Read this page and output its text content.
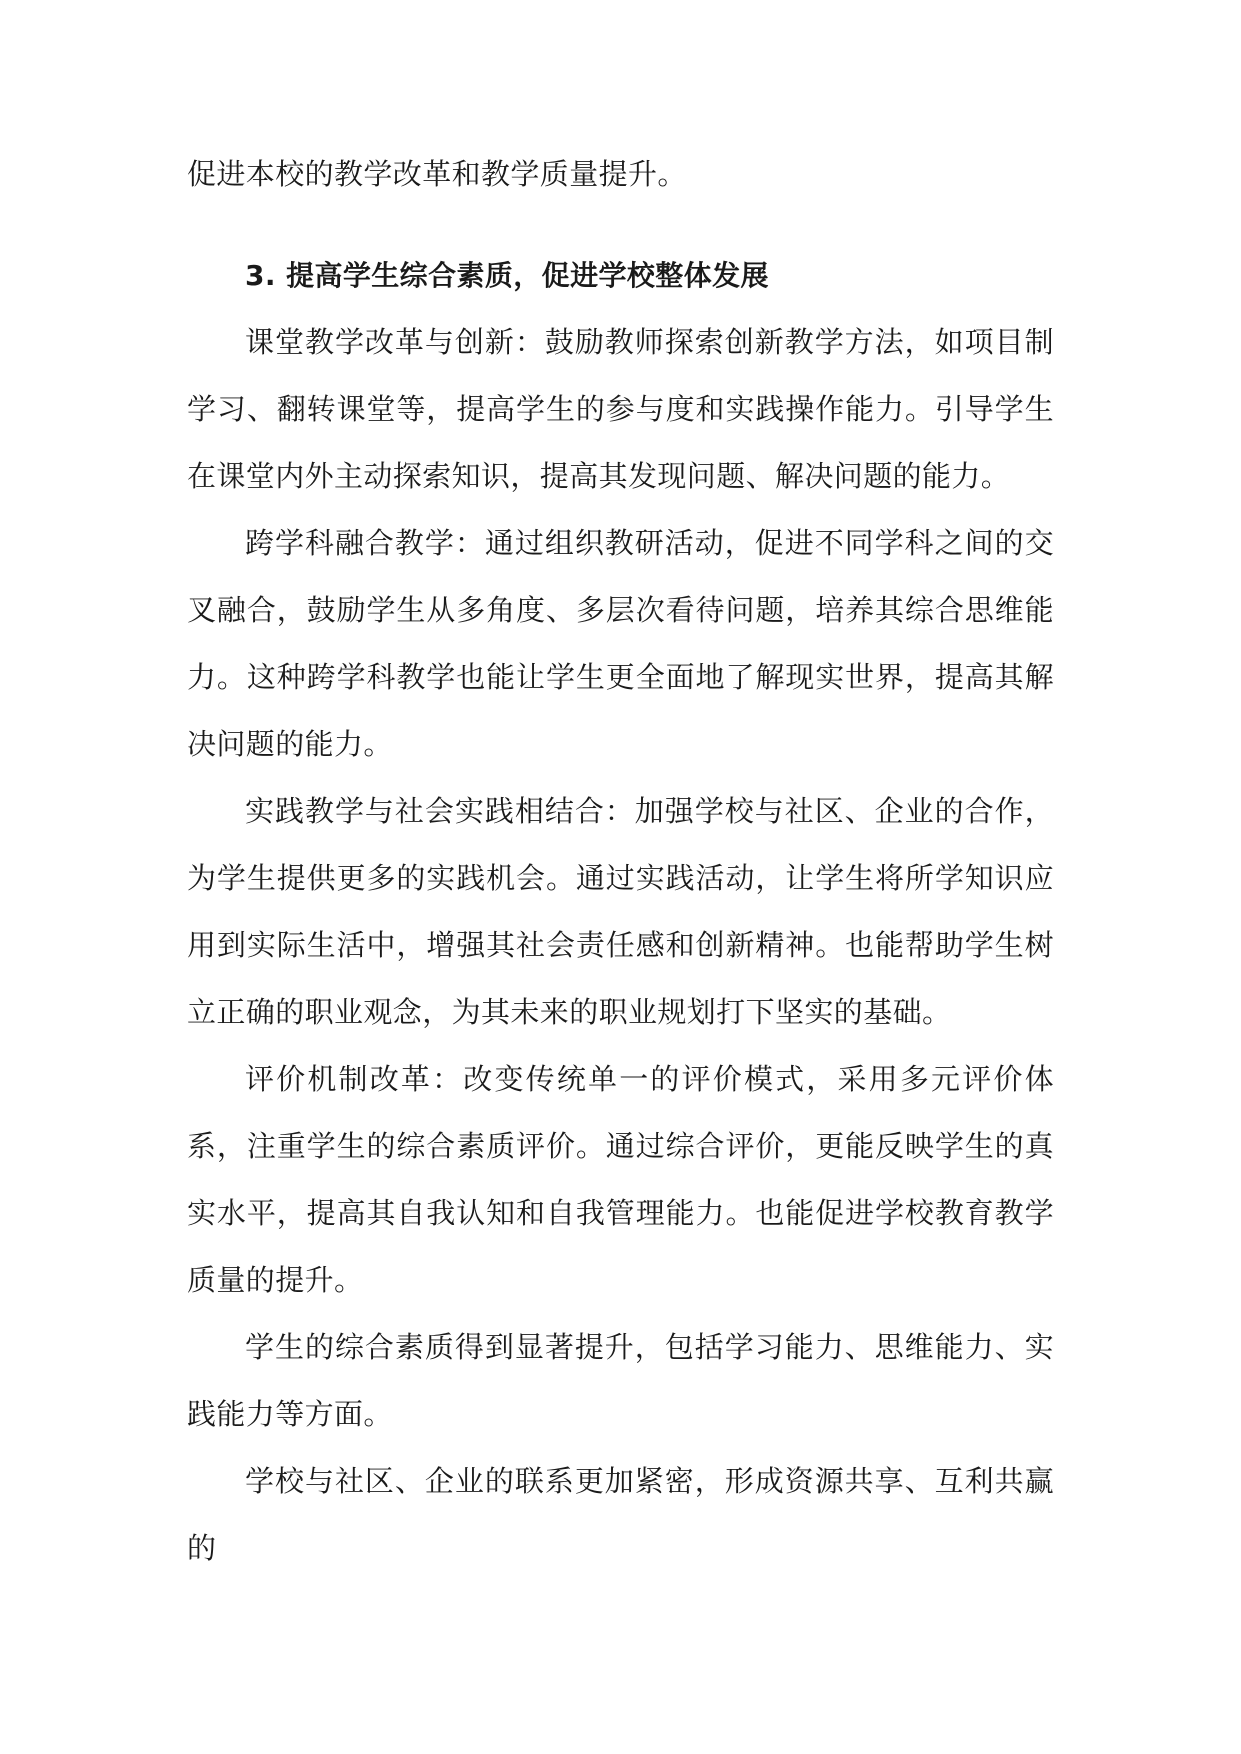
促进本校的教学改革和教学质量提升。

3. 提高学生综合素质，促进学校整体发展

课堂教学改革与创新：鼓励教师探索创新教学方法，如项目制学习、翻转课堂等，提高学生的参与度和实践操作能力。引导学生在课堂内外主动探索知识，提高其发现问题、解决问题的能力。

跨学科融合教学：通过组织教研活动，促进不同学科之间的交叉融合，鼓励学生从多角度、多层次看待问题，培养其综合思维能力。这种跨学科教学也能让学生更全面地了解现实世界，提高其解决问题的能力。

实践教学与社会实践相结合：加强学校与社区、企业的合作，为学生提供更多的实践机会。通过实践活动，让学生将所学知识应用到实际生活中，增强其社会责任感和创新精神。也能帮助学生树立正确的职业观念，为其未来的职业规划打下坚实的基础。

评价机制改革：改变传统单一的评价模式，采用多元评价体系，注重学生的综合素质评价。通过综合评价，更能反映学生的真实水平，提高其自我认知和自我管理能力。也能促进学校教育教学质量的提升。

学生的综合素质得到显著提升，包括学习能力、思维能力、实践能力等方面。

学校与社区、企业的联系更加紧密，形成资源共享、互利共赢的
